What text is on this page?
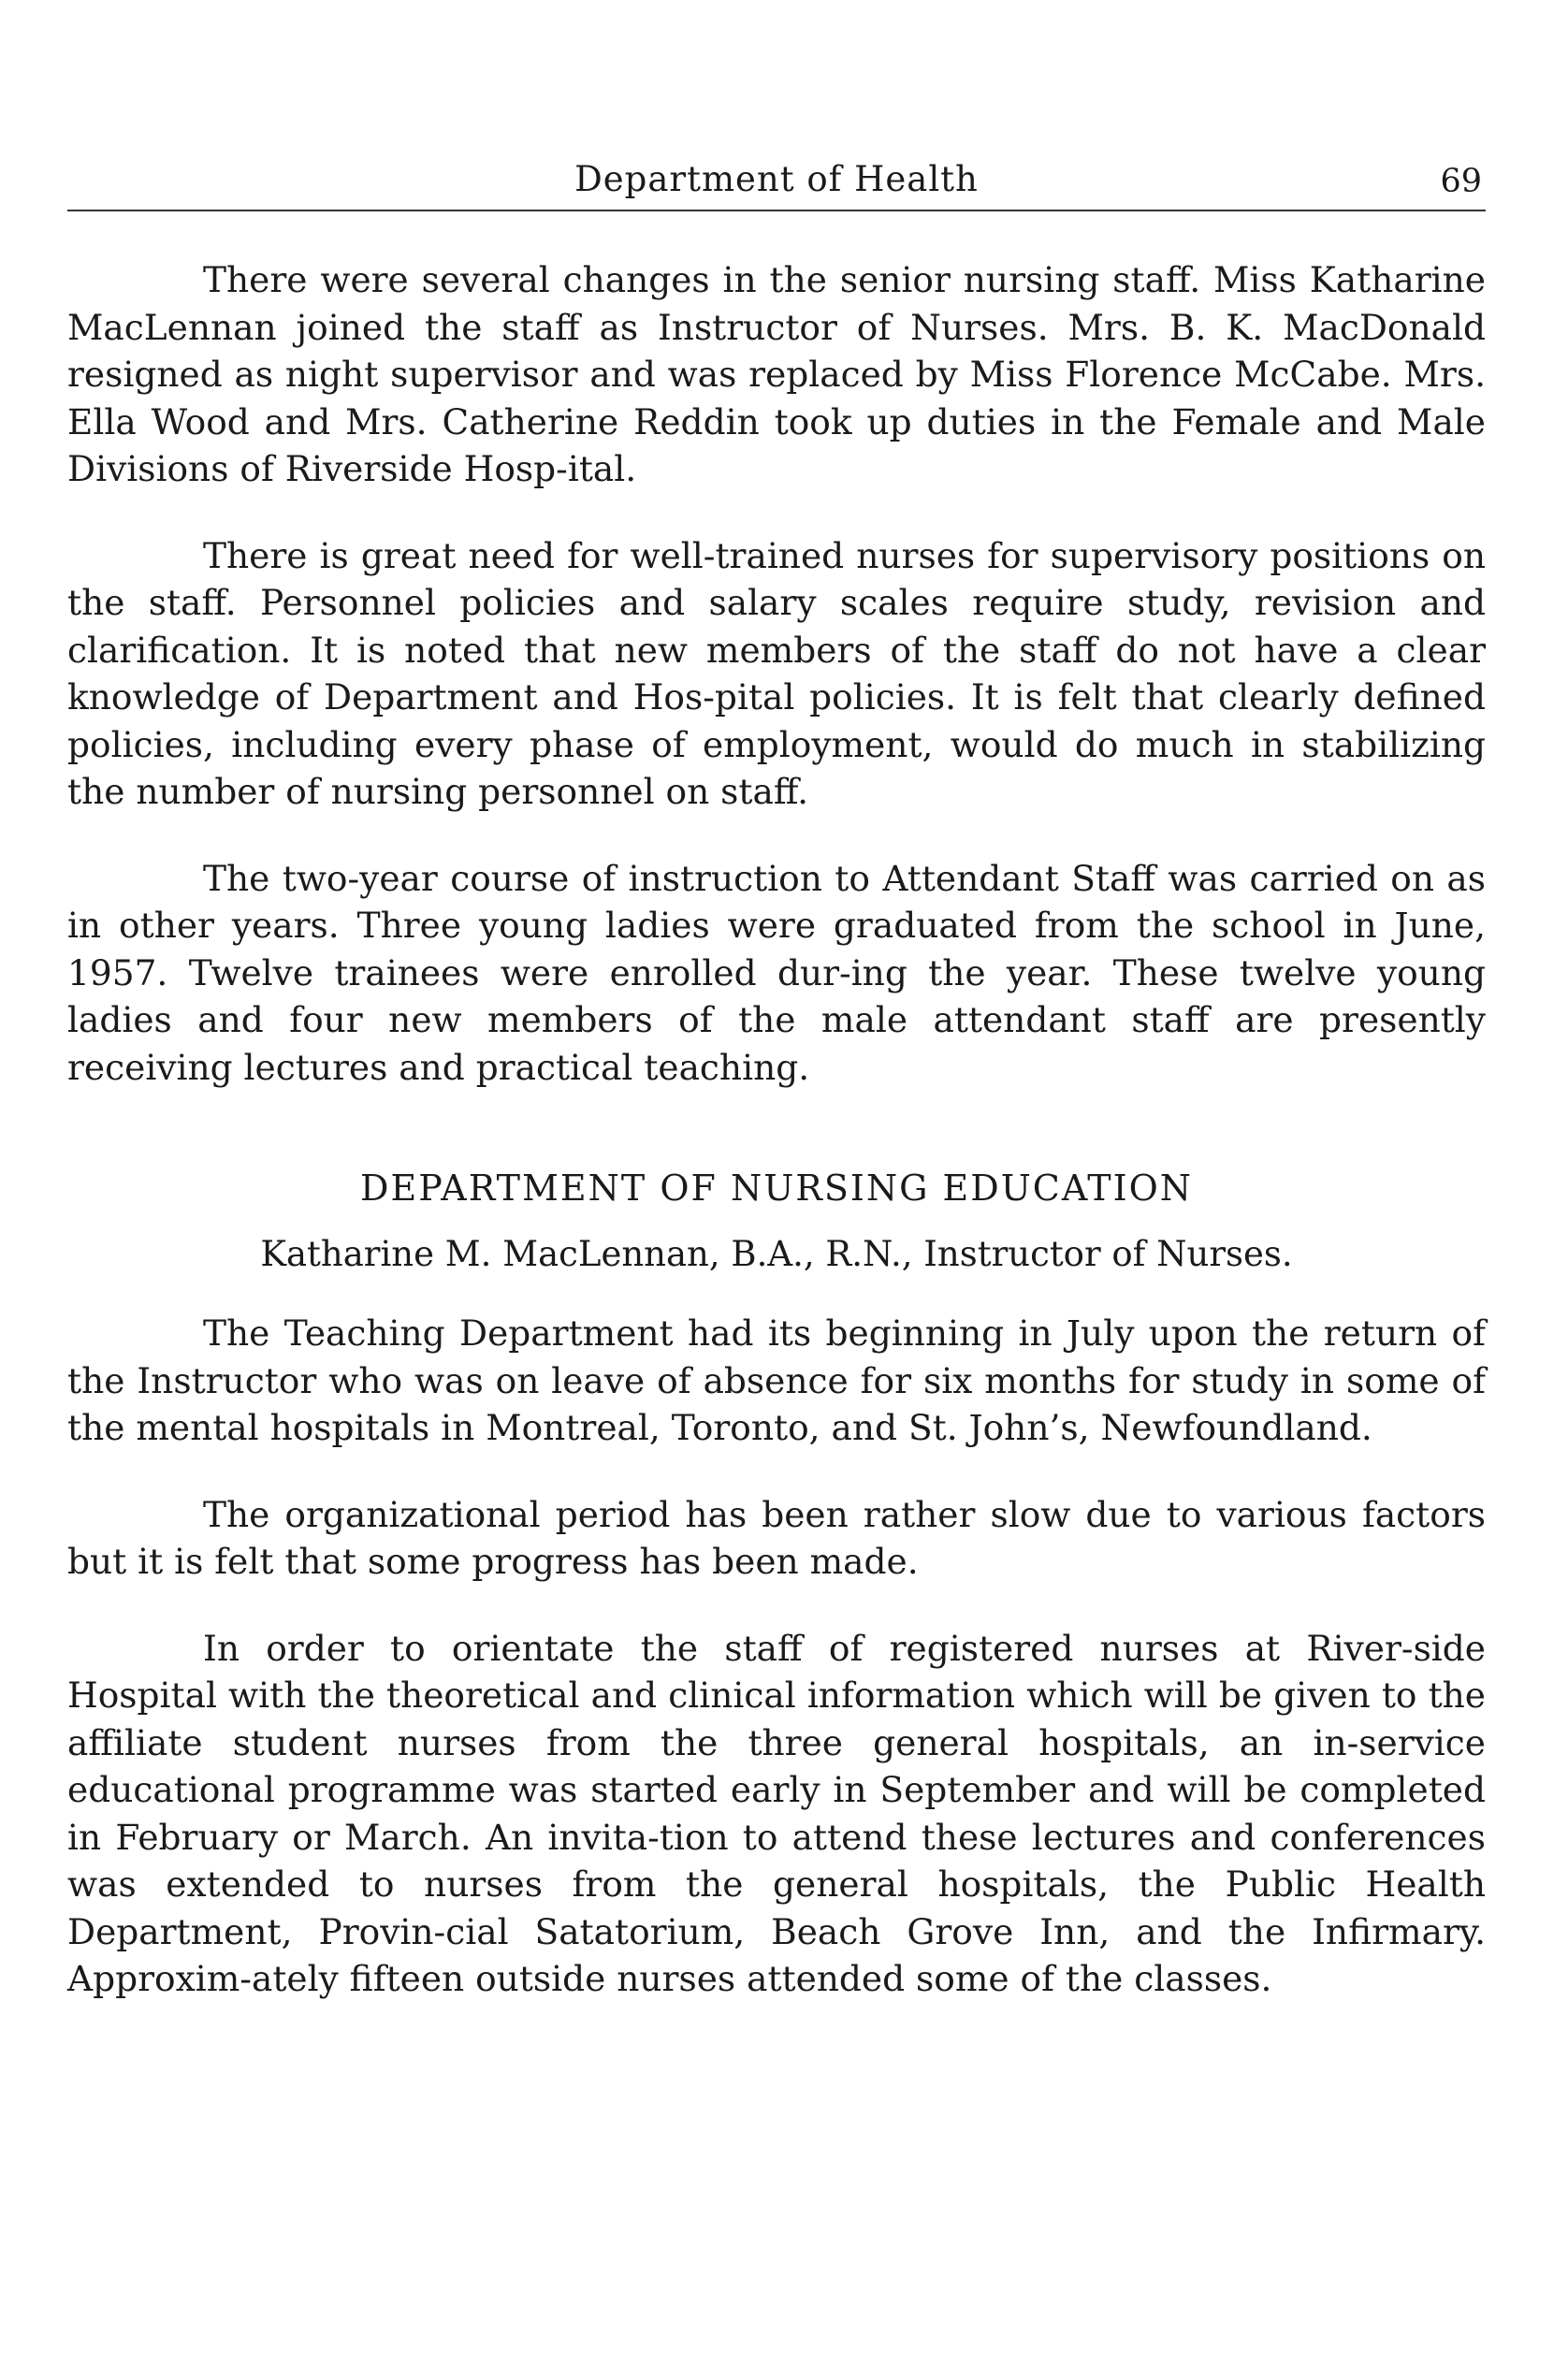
Department of Health	69

There were several changes in the senior nursing staff. Miss Katharine MacLennan joined the staff as Instructor of Nurses. Mrs. B. K. MacDonald resigned as night supervisor and was replaced by Miss Florence McCabe. Mrs. Ella Wood and Mrs. Catherine Reddin took up duties in the Female and Male Divisions of Riverside Hosp-ital.

There is great need for well-trained nurses for supervisory positions on the staff. Personnel policies and salary scales require study, revision and clarification. It is noted that new members of the staff do not have a clear knowledge of Department and Hos-pital policies. It is felt that clearly defined policies, including every phase of employment, would do much in stabilizing the number of nursing personnel on staff.

The two-year course of instruction to Attendant Staff was carried on as in other years. Three young ladies were graduated from the school in June, 1957. Twelve trainees were enrolled dur-ing the year. These twelve young ladies and four new members of the male attendant staff are presently receiving lectures and practical teaching.

DEPARTMENT OF NURSING EDUCATION
Katharine M. MacLennan, B.A., R.N., Instructor of Nurses.

The Teaching Department had its beginning in July upon the return of the Instructor who was on leave of absence for six months for study in some of the mental hospitals in Montreal, Toronto, and St. John’s, Newfoundland.

The organizational period has been rather slow due to various factors but it is felt that some progress has been made.

In order to orientate the staff of registered nurses at River-side Hospital with the theoretical and clinical information which will be given to the affiliate student nurses from the three general hospitals, an in-service educational programme was started early in September and will be completed in February or March. An invita-tion to attend these lectures and conferences was extended to nurses from the general hospitals, the Public Health Department, Provin-cial Satatorium, Beach Grove Inn, and the Infirmary. Approxim-ately fifteen outside nurses attended some of the classes.
